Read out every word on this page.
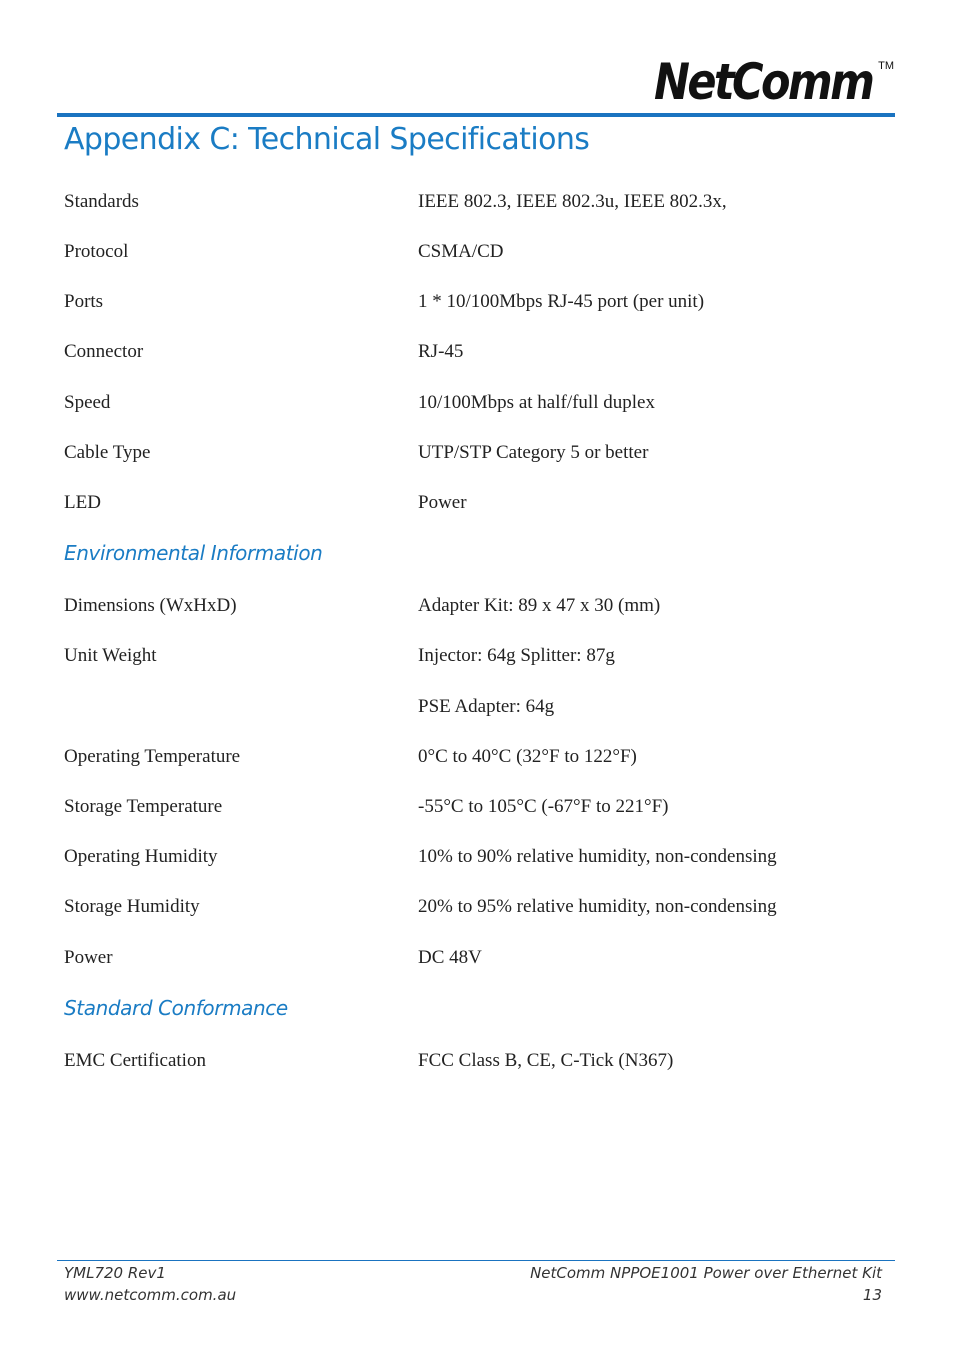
NetComm TM
Appendix C: Technical Specifications
Standards	IEEE 802.3, IEEE 802.3u, IEEE 802.3x,
Protocol	CSMA/CD
Ports	1 * 10/100Mbps RJ-45 port (per unit)
Connector	RJ-45
Speed	10/100Mbps at half/full duplex
Cable Type	UTP/STP Category 5 or better
LED	Power
Environmental Information
Dimensions (WxHxD)	Adapter Kit: 89 x 47 x 30 (mm)
Unit Weight	Injector: 64g Splitter: 87g
PSE Adapter: 64g
Operating Temperature	0°C to 40°C (32°F to 122°F)
Storage Temperature	-55°C to 105°C (-67°F to 221°F)
Operating Humidity	10% to 90% relative humidity, non-condensing
Storage Humidity	20% to 95% relative humidity, non-condensing
Power	DC 48V
Standard Conformance
EMC Certification	FCC Class B, CE, C-Tick (N367)
YML720 Rev1
www.netcomm.com.au
NetComm NPPOE1001 Power over Ethernet Kit
13
